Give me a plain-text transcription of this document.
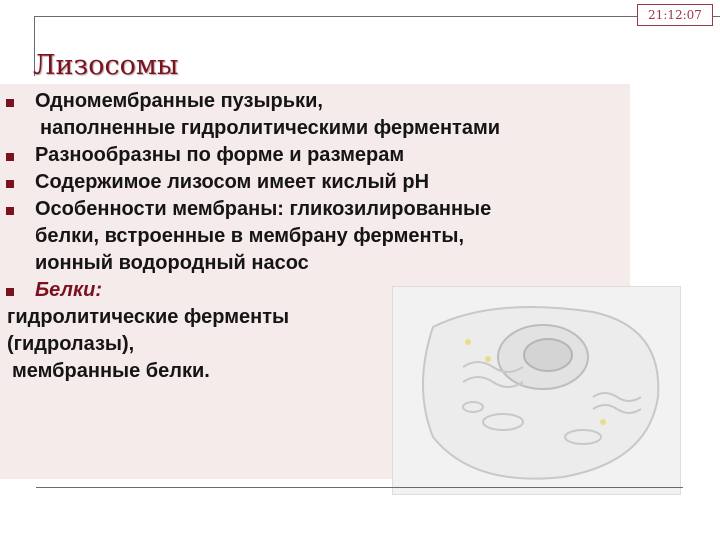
21:12:07
Лизосомы
Одномембранные пузырьки,
наполненные гидролитическими ферментами
Разнообразны по форме и размерам
Содержимое лизосом имеет кислый pH
Особенности мембраны: гликозилированные
белки, встроенные в мембрану ферменты,
ионный водородный насос
Белки:
гидролитические ферменты
(гидролазы),
мембранные белки.
